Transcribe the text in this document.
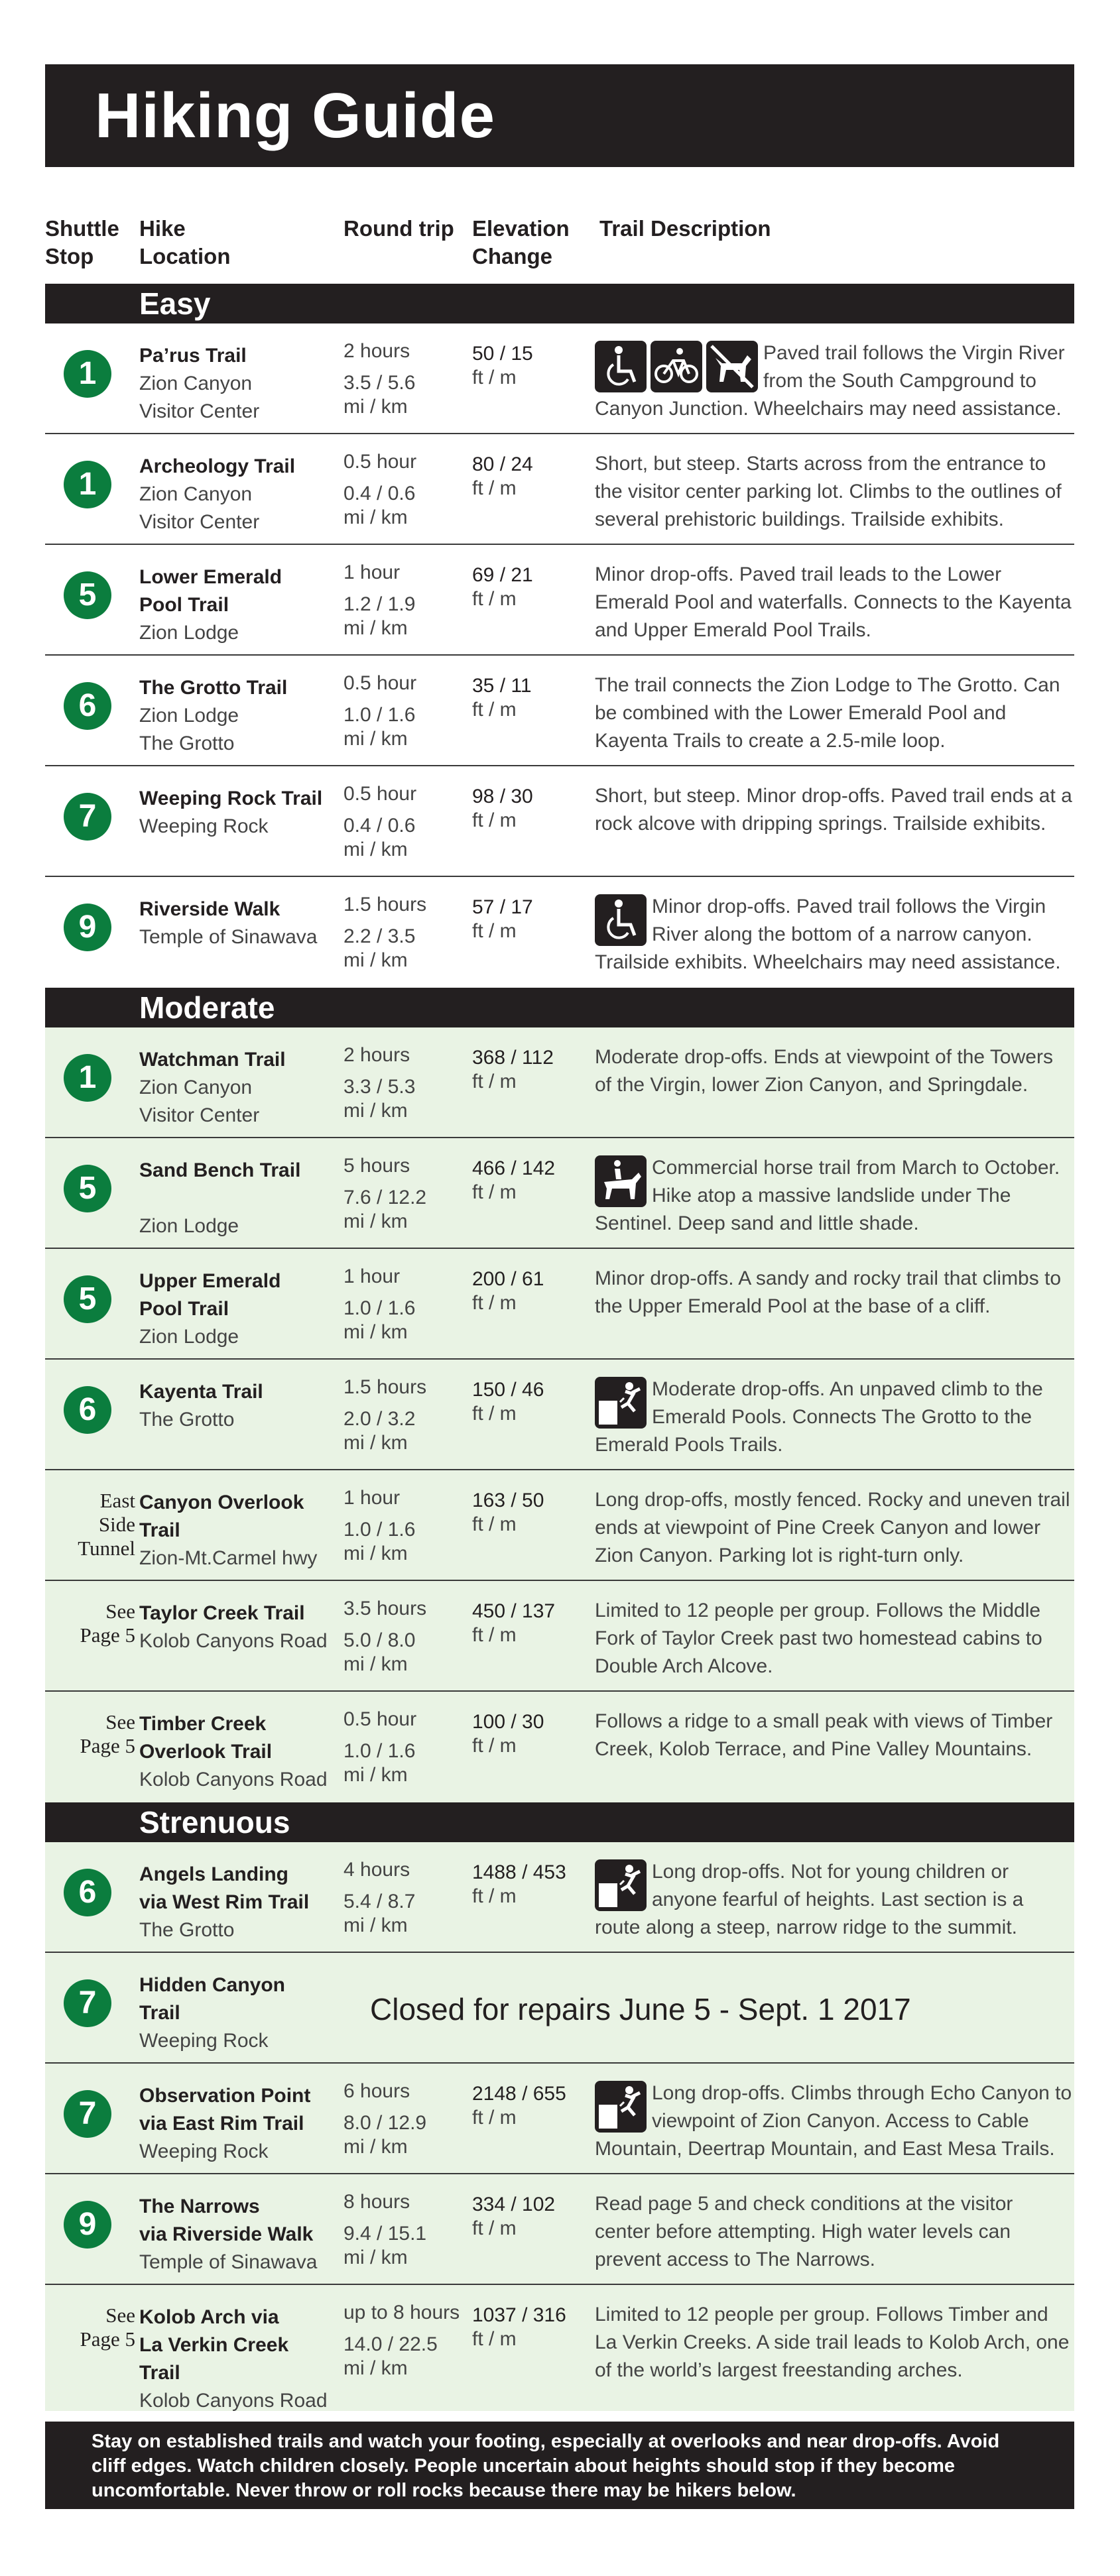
Hiking Guide
Shuttle
Stop
Hike
Location
Round trip Elevation
Change
Trail Description
Easy
1
Pa’rus Trail
Zion Canyon
Visitor Center
2 hours
3.5 / 5.6
mi / km
50 / 15
ft / m
Paved trail follows the Virgin River from the South Campground to Canyon Junction. Wheelchairs may need assistance.
1
Archeology Trail
Zion Canyon
Visitor Center
0.5 hour
0.4 / 0.6
mi / km
80 / 24
ft / m
Short, but steep. Starts across from the entrance to the visitor center parking lot. Climbs to the outlines of several prehistoric buildings. Trailside exhibits.
5
Lower Emerald
Pool Trail
Zion Lodge
1 hour
1.2 / 1.9
mi / km
69 / 21
ft / m
Minor drop-offs. Paved trail leads to the Lower Emerald Pool and waterfalls. Connects to the Kayenta and Upper Emerald Pool Trails.
6
The Grotto Trail
Zion Lodge
The Grotto
0.5 hour
1.0 / 1.6
mi / km
35 / 11
ft / m
The trail connects the Zion Lodge to The Grotto. Can be combined with the Lower Emerald Pool and Kayenta Trails to create a 2.5-mile loop.
7
Weeping Rock Trail
Weeping Rock
0.5 hour
0.4 / 0.6
mi / km
98 / 30
ft / m
Short, but steep. Minor drop-offs. Paved trail ends at a rock alcove with dripping springs. Trailside exhibits.
9
Riverside Walk
Temple of Sinawava
1.5 hours
2.2 / 3.5
mi / km
57 / 17
ft / m
Minor drop-offs. Paved trail follows the Virgin River along the bottom of a narrow canyon. Trailside exhibits. Wheelchairs may need assistance.
Moderate
1
Watchman Trail
Zion Canyon
Visitor Center
2 hours
3.3 / 5.3
mi / km
368 / 112
ft / m
Moderate drop-offs. Ends at viewpoint of the Towers of the Virgin, lower Zion Canyon, and Springdale.
5
Sand Bench Trail

Zion Lodge
5 hours
7.6 / 12.2
mi / km
466 / 142
ft / m
Commercial horse trail from March to October. Hike atop a massive landslide under The Sentinel. Deep sand and little shade.
5
Upper Emerald
Pool Trail
Zion Lodge
1 hour
1.0 / 1.6
mi / km
200 / 61
ft / m
Minor drop-offs. A sandy and rocky trail that climbs to the Upper Emerald Pool at the base of a cliff.
6
Kayenta Trail
The Grotto
1.5 hours
2.0 / 3.2
mi / km
150 / 46
ft / m
Moderate drop-offs. An unpaved climb to the Emerald Pools. Connects The Grotto to the Emerald Pools Trails.
East
Side
Tunnel
Canyon Overlook
Trail
Zion-Mt.Carmel hwy
1 hour
1.0 / 1.6
mi / km
163 / 50
ft / m
Long drop-offs, mostly fenced. Rocky and uneven trail ends at viewpoint of Pine Creek Canyon and lower Zion Canyon. Parking lot is right-turn only.
See
Page 5
Taylor Creek Trail
Kolob Canyons Road
3.5 hours
5.0 / 8.0
mi / km
450 / 137
ft / m
Limited to 12 people per group. Follows the Middle Fork of Taylor Creek past two homestead cabins to Double Arch Alcove.
See
Page 5
Timber Creek
Overlook Trail
Kolob Canyons Road
0.5 hour
1.0 / 1.6
mi / km
100 / 30
ft / m
Follows a ridge to a small peak with views of Timber Creek, Kolob Terrace, and Pine Valley Mountains.
Strenuous
6
Angels Landing
via West Rim Trail
The Grotto
4 hours
5.4 / 8.7
mi / km
1488 / 453
ft / m
Long drop-offs. Not for young children or anyone fearful of heights. Last section is a route along a steep, narrow ridge to the summit.
7
Hidden Canyon
Trail
Weeping Rock
Closed for repairs June 5 - Sept. 1 2017
7
Observation Point
via East Rim Trail
Weeping Rock
6 hours
8.0 / 12.9
mi / km
2148 / 655
ft / m
Long drop-offs. Climbs through Echo Canyon to viewpoint of Zion Canyon. Access to Cable Mountain, Deertrap Mountain, and East Mesa Trails.
9
The Narrows
via Riverside Walk
Temple of Sinawava
8 hours
9.4 / 15.1
mi / km
334 / 102
ft / m
Read page 5 and check conditions at the visitor center before attempting. High water levels can prevent access to The Narrows.
See
Page 5
Kolob Arch via
La Verkin Creek
Trail
Kolob Canyons Road
up to 8 hours
14.0 / 22.5
mi / km
1037 / 316
ft / m
Limited to 12 people per group. Follows Timber and La Verkin Creeks. A side trail leads to Kolob Arch, one of the world’s largest freestanding arches.
Stay on established trails and watch your footing, especially at overlooks and near drop-offs. Avoid cliff edges. Watch children closely. People uncertain about heights should stop if they become uncomfortable. Never throw or roll rocks because there may be hikers below.
